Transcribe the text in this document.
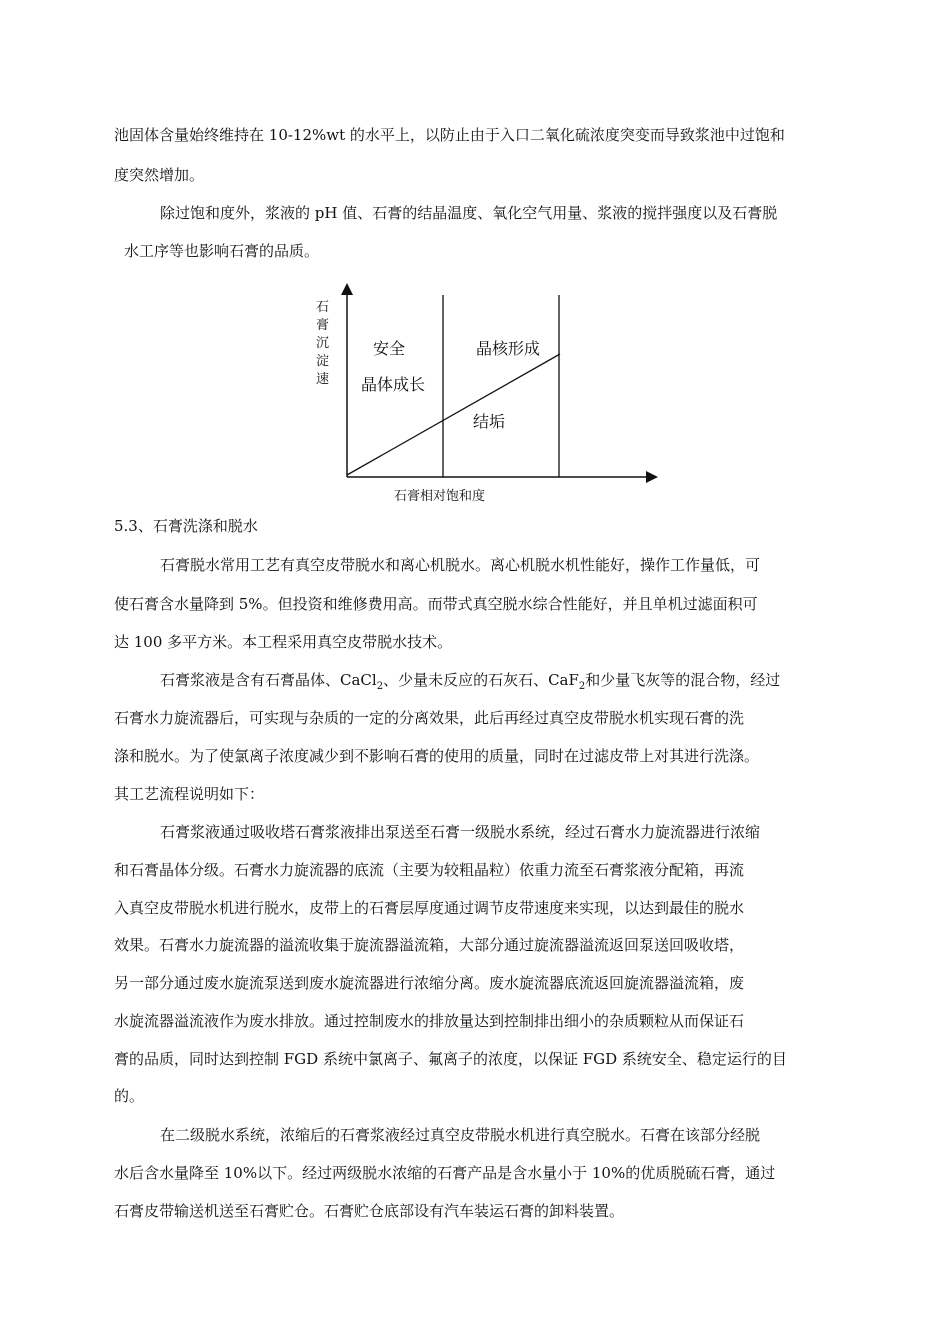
池固体含量始终维持在 10-12%wt 的水平上，以防止由于入口二氧化硫浓度突变而导致浆池中过饱和
度突然增加。
除过饱和度外，浆液的 pH 值、石膏的结晶温度、氧化空气用量、浆液的搅拌强度以及石膏脱
水工序等也影响石膏的品质。
石
膏
沉
淀
速
安全
晶体成长
晶核形成
结垢
石膏相对饱和度
5.3、石膏洗涤和脱水
石膏脱水常用工艺有真空皮带脱水和离心机脱水。离心机脱水机性能好，操作工作量低，可
使石膏含水量降到 5%。但投资和维修费用高。而带式真空脱水综合性能好，并且单机过滤面积可
达 100 多平方米。本工程采用真空皮带脱水技术。
石膏浆液是含有石膏晶体、CaCl$_2$、少量未反应的石灰石、CaF$_2$和少量飞灰等的混合物，经过
石膏水力旋流器后，可实现与杂质的一定的分离效果，此后再经过真空皮带脱水机实现石膏的洗
涤和脱水。为了使氯离子浓度减少到不影响石膏的使用的质量，同时在过滤皮带上对其进行洗涤。
其工艺流程说明如下：
石膏浆液通过吸收塔石膏浆液排出泵送至石膏一级脱水系统，经过石膏水力旋流器进行浓缩
和石膏晶体分级。石膏水力旋流器的底流（主要为较粗晶粒）依重力流至石膏浆液分配箱，再流
入真空皮带脱水机进行脱水，皮带上的石膏层厚度通过调节皮带速度来实现，以达到最佳的脱水
效果。石膏水力旋流器的溢流收集于旋流器溢流箱，大部分通过旋流器溢流返回泵送回吸收塔，
另一部分通过废水旋流泵送到废水旋流器进行浓缩分离。废水旋流器底流返回旋流器溢流箱，废
水旋流器溢流液作为废水排放。通过控制废水的排放量达到控制排出细小的杂质颗粒从而保证石
膏的品质，同时达到控制 FGD 系统中氯离子、氟离子的浓度，以保证 FGD 系统安全、稳定运行的目
的。
在二级脱水系统，浓缩后的石膏浆液经过真空皮带脱水机进行真空脱水。石膏在该部分经脱
水后含水量降至 10%以下。经过两级脱水浓缩的石膏产品是含水量小于 10%的优质脱硫石膏，通过
石膏皮带输送机送至石膏贮仓。石膏贮仓底部设有汽车装运石膏的卸料装置。
